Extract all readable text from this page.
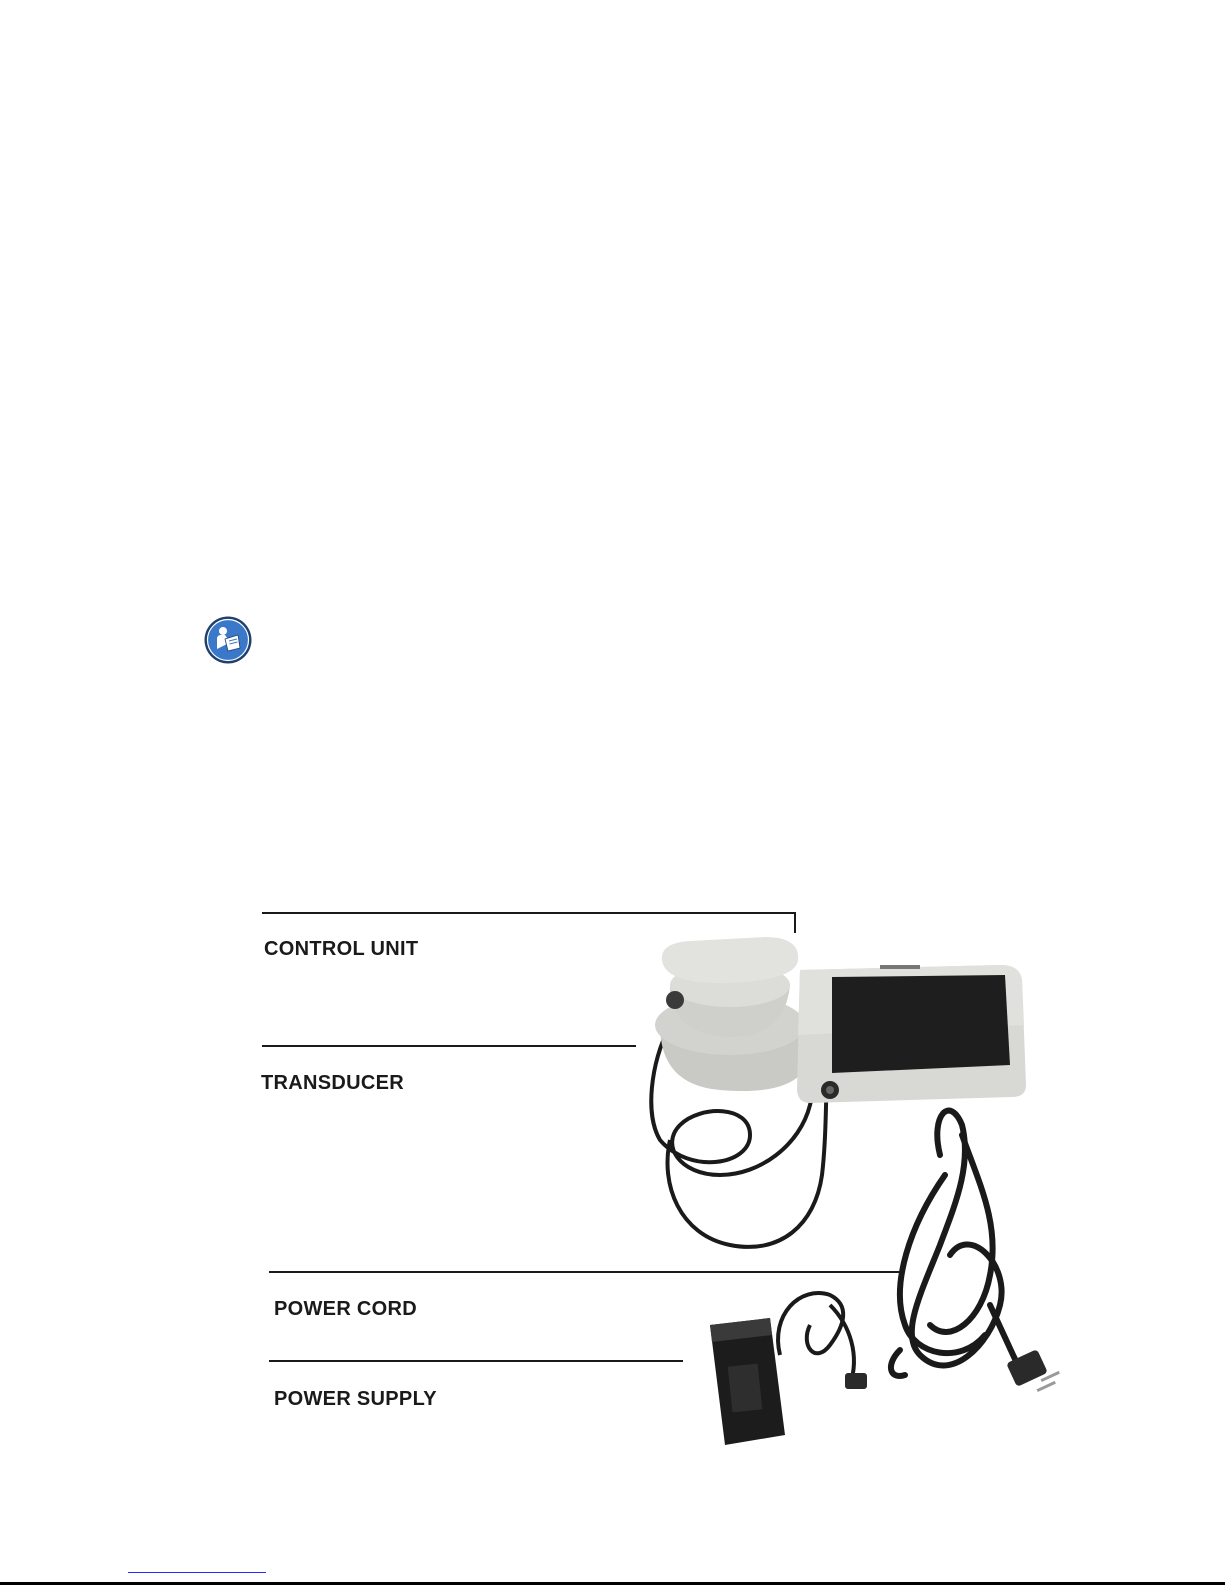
CONTROL UNIT
TRANSDUCER
POWER CORD
POWER SUPPLY
